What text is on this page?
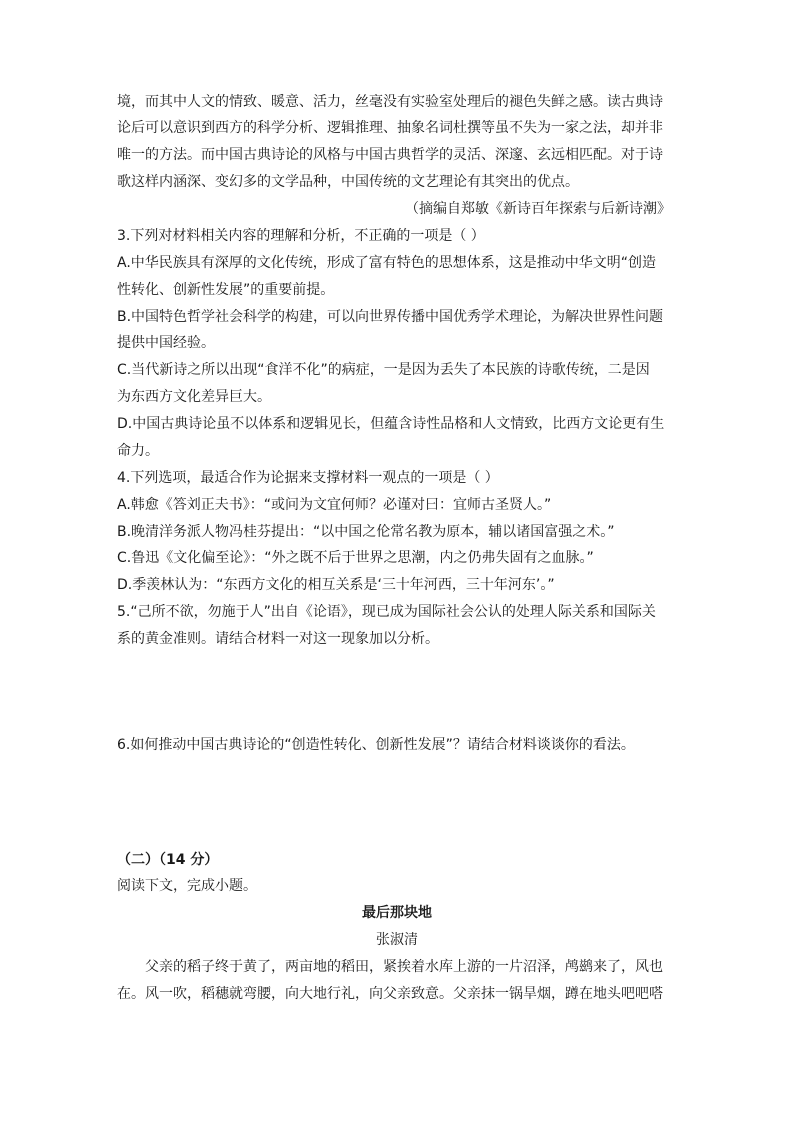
境，而其中人文的情致、暖意、活力，丝毫没有实验室处理后的褪色失鲜之感。读古典诗
论后可以意识到西方的科学分析、逻辑推理、抽象名词杜撰等虽不失为一家之法，却并非
唯一的方法。而中国古典诗论的风格与中国古典哲学的灵活、深邃、玄远相匹配。对于诗
歌这样内涵深、变幻多的文学品种，中国传统的文艺理论有其突出的优点。
（摘编自郑敏《新诗百年探索与后新诗潮》
3.下列对材料相关内容的理解和分析，不正确的一项是（ ）
A.中华民族具有深厚的文化传统，形成了富有特色的思想体系，这是推动中华文明“创造
性转化、创新性发展”的重要前提。
B.中国特色哲学社会科学的构建，可以向世界传播中国优秀学术理论，为解决世界性问题
提供中国经验。
C.当代新诗之所以出现“食洋不化”的病症，一是因为丢失了本民族的诗歌传统，二是因
为东西方文化差异巨大。
D.中国古典诗论虽不以体系和逻辑见长，但蕴含诗性品格和人文情致，比西方文论更有生
命力。
4.下列选项，最适合作为论据来支撑材料一观点的一项是（ ）
A.韩愈《答刘正夫书》：“或问为文宜何师？必谨对曰：宜师古圣贤人。”
B.晚清洋务派人物冯桂芬提出：“以中国之伦常名教为原本，辅以诸国富强之术。”
C.鲁迅《文化偏至论》：“外之既不后于世界之思潮，内之仍弗失固有之血脉。”
D.季羡林认为：“东西方文化的相互关系是‘三十年河西，三十年河东’。”
5.“己所不欲，勿施于人”出自《论语》，现已成为国际社会公认的处理人际关系和国际关
系的黄金准则。请结合材料一对这一现象加以分析。
6.如何推动中国古典诗论的“创造性转化、创新性发展”？请结合材料谈谈你的看法。
（二）（14 分）
阅读下文，完成小题。
最后那块地
张淑清
父亲的稻子终于黄了，两亩地的稻田，紧挨着水库上游的一片沼泽，鸬鹚来了，风也
在。风一吹，稻穗就弯腰，向大地行礼，向父亲致意。父亲抹一锅旱烟，蹲在地头吧吧嗒
